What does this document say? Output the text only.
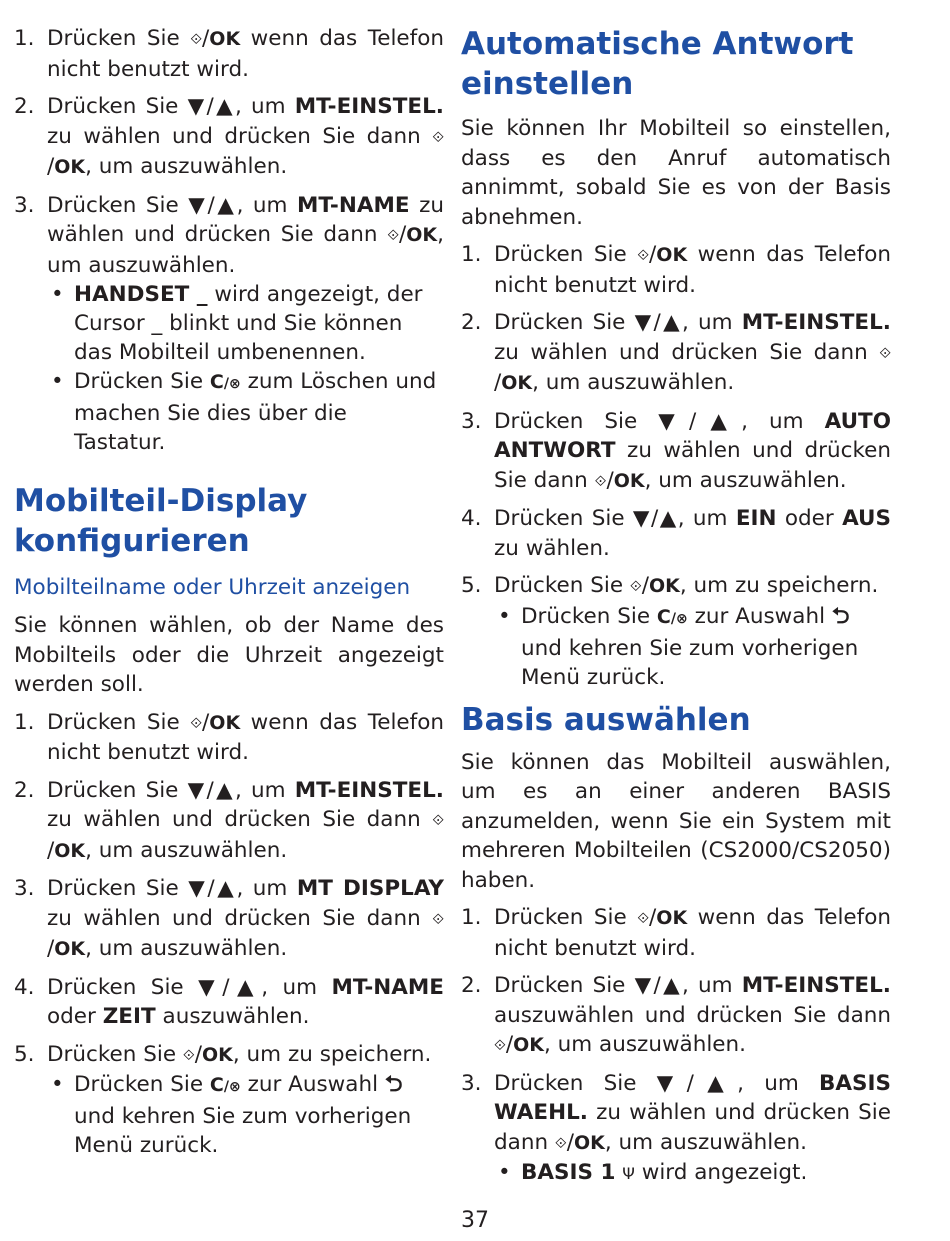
1. Drücken Sie ⟐/OK wenn das Telefon nicht benutzt wird.
2. Drücken Sie ▼/▲, um MT-EINSTEL. zu wählen und drücken Sie dann ⟐/OK, um auszuwählen.
3. Drücken Sie ▼/▲, um MT-NAME zu wählen und drücken Sie dann ⟐/OK, um auszuwählen.
• HANDSET _ wird angezeigt, der Cursor _ blinkt und Sie können das Mobilteil umbenennen.
• Drücken Sie C/⊗ zum Löschen und machen Sie dies über die Tastatur.
Mobilteil-Display konfigurieren
Mobilteilname oder Uhrzeit anzeigen

Sie können wählen, ob der Name des Mobilteils oder die Uhrzeit angezeigt werden soll.

1. Drücken Sie ⟐/OK wenn das Telefon nicht benutzt wird.
2. Drücken Sie ▼/▲, um MT-EINSTEL. zu wählen und drücken Sie dann ⟐/OK, um auszuwählen.
3. Drücken Sie ▼/▲, um MT DISPLAY zu wählen und drücken Sie dann ⟐/OK, um auszuwählen.
4. Drücken Sie ▼/▲, um MT-NAME oder ZEIT auszuwählen.
5. Drücken Sie ⟐/OK, um zu speichern.
• Drücken Sie C/⊗ zur Auswahl ⮌ und kehren Sie zum vorherigen Menü zurück.
Automatische Antwort einstellen

Sie können Ihr Mobilteil so einstellen, dass es den Anruf automatisch annimmt, sobald Sie es von der Basis abnehmen.

1. Drücken Sie ⟐/OK wenn das Telefon nicht benutzt wird.
2. Drücken Sie ▼/▲, um MT-EINSTEL. zu wählen und drücken Sie dann ⟐/OK, um auszuwählen.
3. Drücken Sie ▼/▲, um AUTO ANTWORT zu wählen und drücken Sie dann ⟐/OK, um auszuwählen.
4. Drücken Sie ▼/▲, um EIN oder AUS zu wählen.
5. Drücken Sie ⟐/OK, um zu speichern.
• Drücken Sie C/⊗ zur Auswahl ⮌ und kehren Sie zum vorherigen Menü zurück.
Basis auswählen

Sie können das Mobilteil auswählen, um es an einer anderen BASIS anzumelden, wenn Sie ein System mit mehreren Mobilteilen (CS2000/CS2050) haben.

1. Drücken Sie ⟐/OK wenn das Telefon nicht benutzt wird.
2. Drücken Sie ▼/▲, um MT-EINSTEL. auszuwählen und drücken Sie dann ⟐/OK, um auszuwählen.
3. Drücken Sie ▼/▲, um BASIS WAEHL. zu wählen und drücken Sie dann ⟐/OK, um auszuwählen.
• BASIS 1 Ψ wird angezeigt.
37
